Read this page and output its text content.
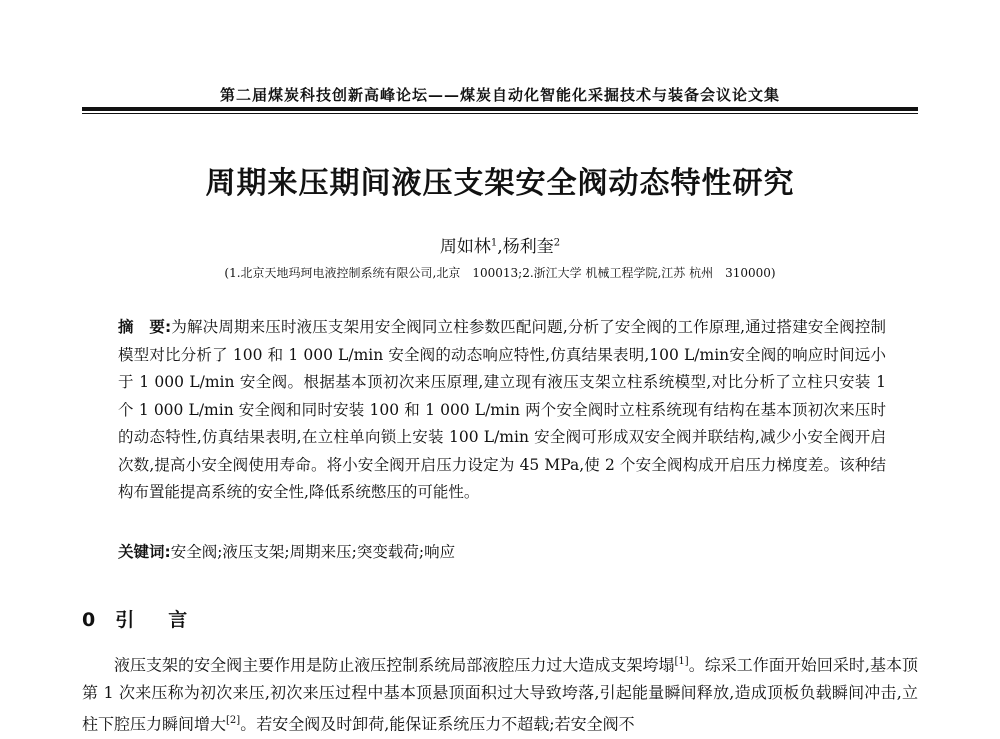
第二届煤炭科技创新高峰论坛——煤炭自动化智能化采掘技术与装备会议论文集
周期来压期间液压支架安全阀动态特性研究
周如林$^1$,杨利奎$^2$
(1.北京天地玛珂电液控制系统有限公司,北京　100013;2.浙江大学 机械工程学院,江苏 杭州　310000)
摘　要:为解决周期来压时液压支架用安全阀同立柱参数匹配问题,分析了安全阀的工作原理,通过搭建安全阀控制模型对比分析了 100 和 1 000 L/min 安全阀的动态响应特性,仿真结果表明,100 L/min安全阀的响应时间远小于 1 000 L/min 安全阀。根据基本顶初次来压原理,建立现有液压支架立柱系统模型,对比分析了立柱只安装 1 个 1 000 L/min 安全阀和同时安装 100 和 1 000 L/min 两个安全阀时立柱系统现有结构在基本顶初次来压时的动态特性,仿真结果表明,在立柱单向锁上安装 100 L/min 安全阀可形成双安全阀并联结构,减少小安全阀开启次数,提高小安全阀使用寿命。将小安全阀开启压力设定为 45 MPa,使 2 个安全阀构成开启压力梯度差。该种结构布置能提高系统的安全性,降低系统憋压的可能性。
关键词:安全阀;液压支架;周期来压;突变载荷;响应
0 引言
液压支架的安全阀主要作用是防止液压控制系统局部液腔压力过大造成支架垮塌[1]。综采工作面开始回采时,基本顶第 1 次来压称为初次来压,初次来压过程中基本顶悬顶面积过大导致垮落,引起能量瞬间释放,造成顶板负载瞬间冲击,立柱下腔压力瞬间增大[2]。若安全阀及时卸荷,能保证系统压力不超载;若安全阀不
